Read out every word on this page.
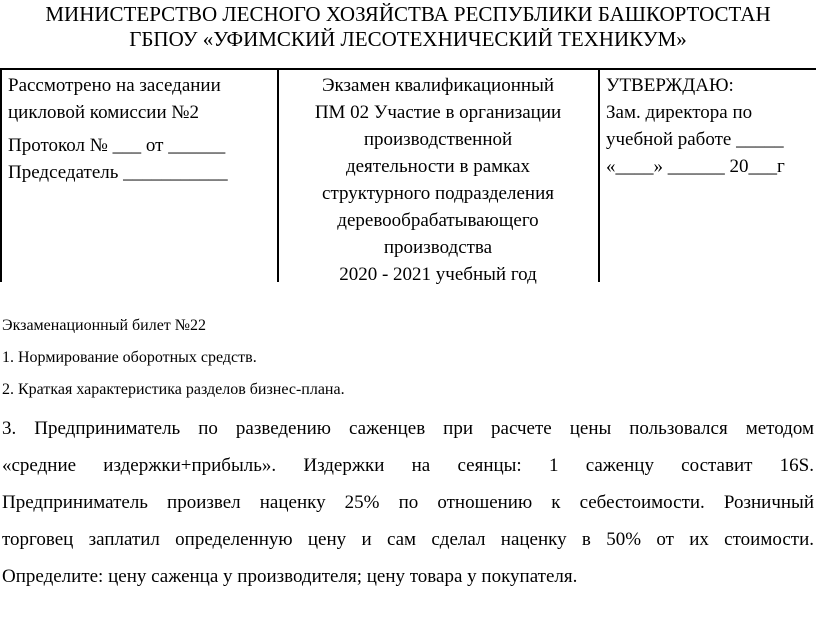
МИНИСТЕРСТВО ЛЕСНОГО ХОЗЯЙСТВА РЕСПУБЛИКИ БАШКОРТОСТАН
ГБПОУ «УФИМСКИЙ ЛЕСОТЕХНИЧЕСКИЙ ТЕХНИКУМ»
Рассмотрено на заседании
цикловой комиссии №2
Протокол № ___ от ______
Председатель ___________
Экзамен квалификационный
ПМ 02 Участие в организации
производственной
деятельности в рамках
структурного подразделения
деревообрабатывающего
производства
2020 - 2021 учебный год
УТВЕРЖДАЮ:
Зам. директора по
учебной работе _____
«____» ______ 20___г
Экзаменационный билет №22
1. Нормирование оборотных средств.
2. Краткая характеристика разделов бизнес-плана.

3. Предприниматель по разведению саженцев при расчете цены пользовался методом

«средние издержки+прибыль». Издержки на сеянцы: 1 саженцу составит 16S.

Предприниматель произвел наценку 25% по отношению к себестоимости. Розничный

торговец заплатил определенную цену и сам сделал наценку в 50% от их стоимости.

Определите: цену саженца у производителя; цену товара у покупателя.
